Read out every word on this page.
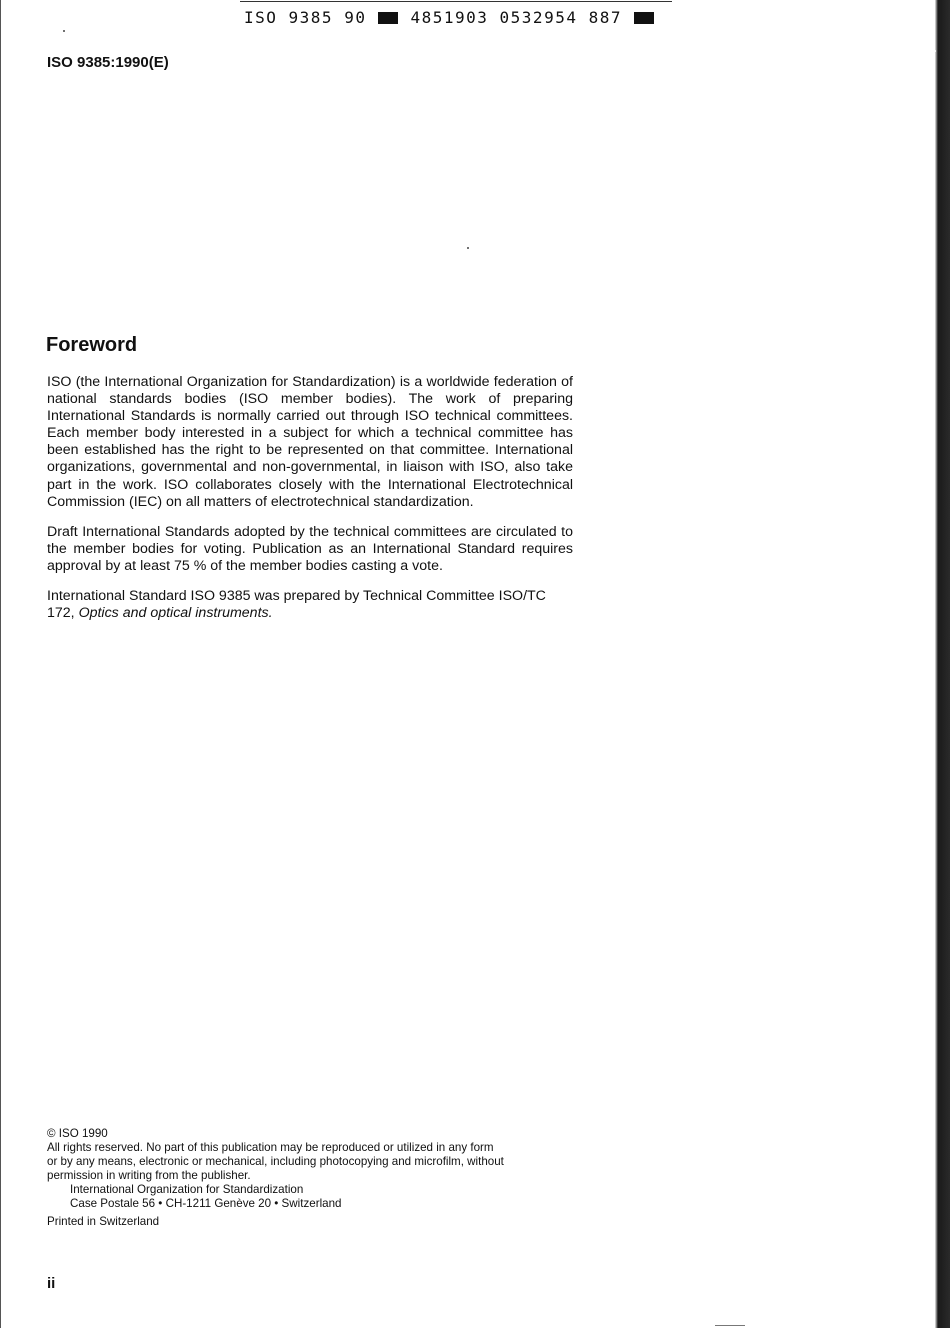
ISO 9385 90	4851903 0532954 887
ISO 9385:1990(E)
Foreword

ISO (the International Organization for Standardization) is a worldwide federation of national standards bodies (ISO member bodies). The work of preparing International Standards is normally carried out through ISO technical committees. Each member body interested in a subject for which a technical committee has been established has the right to be represented on that committee. International organizations, governmental and non-governmental, in liaison with ISO, also take part in the work. ISO collaborates closely with the International Electrotechnical Commission (IEC) on all matters of electrotechnical standardization.

Draft International Standards adopted by the technical committees are circulated to the member bodies for voting. Publication as an International Standard requires approval by at least 75 % of the member bodies casting a vote.

International Standard ISO 9385 was prepared by Technical Committee ISO/TC 172, Optics and optical instruments.

© ISO 1990
All rights reserved. No part of this publication may be reproduced or utilized in any form
or by any means, electronic or mechanical, including photocopying and microfilm, without
permission in writing from the publisher.
International Organization for Standardization
Case Postale 56 • CH-1211 Genève 20 • Switzerland
Printed in Switzerland
ii
